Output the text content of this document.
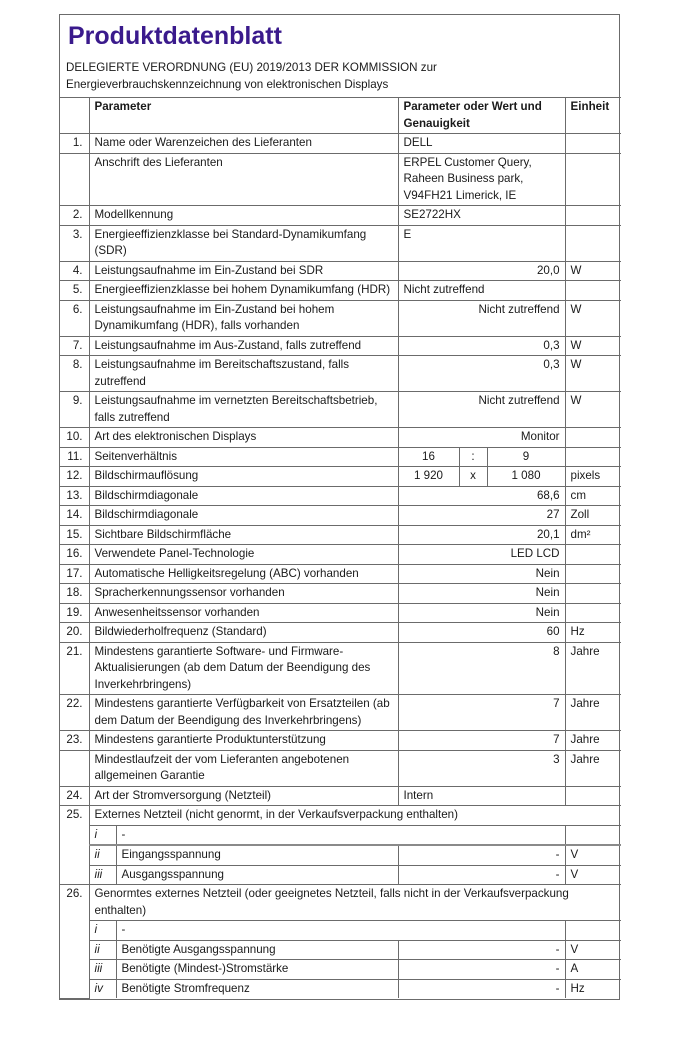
Produktdatenblatt
DELEGIERTE VERORDNUNG (EU) 2019/2013 DER KOMMISSION zur
Energieverbrauchskennzeichnung von elektronischen Displays
	Parameter		Parameter oder Wert und Genauigkeit			Einheit
1.	Name oder Warenzeichen des Lieferanten		DELL			
	Anschrift des Lieferanten		ERPEL Customer Query, Raheen Business park, V94FH21 Limerick, IE			
2.	Modellkennung		SE2722HX			
3.	Energieeffizienzklasse bei Standard-Dynamikumfang (SDR)		E			
4.	Leistungsaufnahme im Ein-Zustand bei SDR		20,0			W
5.	Energieeffizienzklasse bei hohem Dynamikumfang (HDR)		Nicht zutreffend			
6.	Leistungsaufnahme im Ein-Zustand bei hohem Dynamikumfang (HDR), falls vorhanden		Nicht zutreffend			W
7.	Leistungsaufnahme im Aus-Zustand, falls zutreffend		0,3			W
8.	Leistungsaufnahme im Bereitschaftszustand, falls zutreffend		0,3			W
9.	Leistungsaufnahme im vernetzten Bereitschaftsbetrieb, falls zutreffend		Nicht zutreffend			W
10.	Art des elektronischen Displays		Monitor			
11.	Seitenverhältnis		16	:	9	
12.	Bildschirmauflösung		1 920	x	1 080	pixels
13.	Bildschirmdiagonale		68,6			cm
14.	Bildschirmdiagonale		27			Zoll
15.	Sichtbare Bildschirmfläche		20,1			dm²
16.	Verwendete Panel-Technologie		LED LCD			
17.	Automatische Helligkeitsregelung (ABC) vorhanden		Nein			
18.	Spracherkennungssensor vorhanden		Nein			
19.	Anwesenheitssensor vorhanden		Nein			
20.	Bildwiederholfrequenz (Standard)		60			Hz
21.	Mindestens garantierte Software- und Firmware-Aktualisierungen (ab dem Datum der Beendigung des Inverkehrbringens)		8			Jahre
22.	Mindestens garantierte Verfügbarkeit von Ersatzteilen (ab dem Datum der Beendigung des Inverkehrbringens)		7			Jahre
23.	Mindestens garantierte Produktunterstützung		7			Jahre
	Mindestlaufzeit der vom Lieferanten angebotenen allgemeinen Garantie		3			Jahre
24.	Art der Stromversorgung (Netzteil)		Intern			
25.	Externes Netzteil (nicht genormt, in der Verkaufsverpackung enthalten)					
	i	-				
	ii	Eingangsspannung	-			V
	iii	Ausgangsspannung	-			V
26.	Genormtes externes Netzteil (oder geeignetes Netzteil, falls nicht in der Verkaufsverpackung enthalten)					
	i	-				
	ii	Benötigte Ausgangsspannung	-			V
	iii	Benötigte (Mindest-)Stromstärke	-			A
	iv	Benötigte Stromfrequenz	-			Hz
